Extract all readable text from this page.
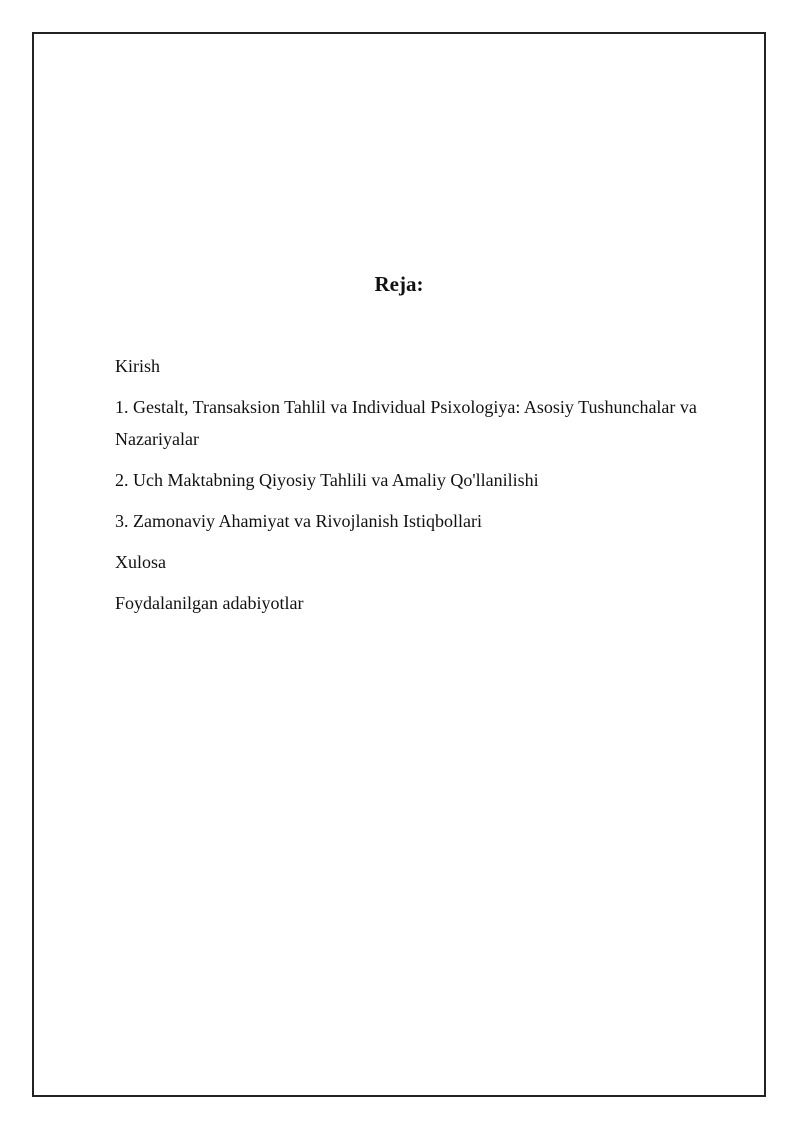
Reja:
Kirish
1. Gestalt, Transaksion Tahlil va Individual Psixologiya: Asosiy Tushunchalar va Nazariyalar
2. Uch Maktabning Qiyosiy Tahlili va Amaliy Qo'llanilishi
3. Zamonaviy Ahamiyat va Rivojlanish Istiqbollari
Xulosa
Foydalanilgan adabiyotlar
